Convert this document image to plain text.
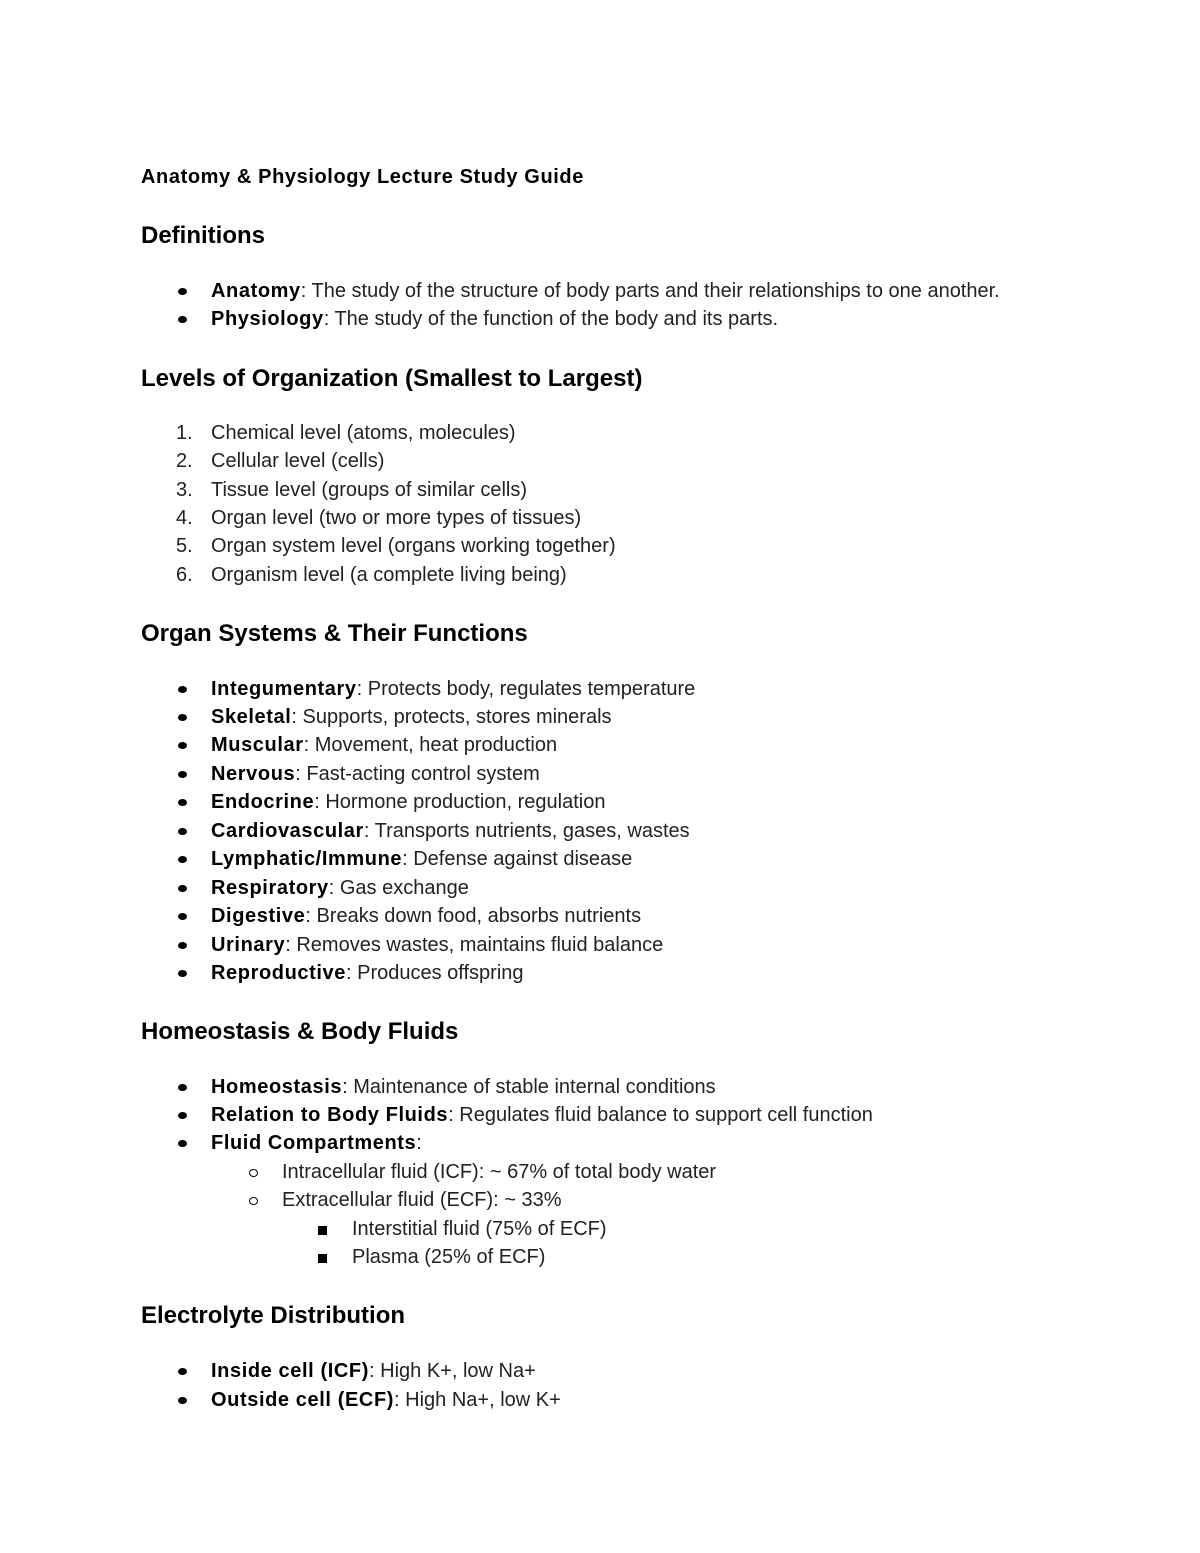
Anatomy & Physiology Lecture Study Guide
Definitions
Anatomy: The study of the structure of body parts and their relationships to one another.
Physiology: The study of the function of the body and its parts.
Levels of Organization (Smallest to Largest)
1. Chemical level (atoms, molecules)
2. Cellular level (cells)
3. Tissue level (groups of similar cells)
4. Organ level (two or more types of tissues)
5. Organ system level (organs working together)
6. Organism level (a complete living being)
Organ Systems & Their Functions
Integumentary: Protects body, regulates temperature
Skeletal: Supports, protects, stores minerals
Muscular: Movement, heat production
Nervous: Fast-acting control system
Endocrine: Hormone production, regulation
Cardiovascular: Transports nutrients, gases, wastes
Lymphatic/Immune: Defense against disease
Respiratory: Gas exchange
Digestive: Breaks down food, absorbs nutrients
Urinary: Removes wastes, maintains fluid balance
Reproductive: Produces offspring
Homeostasis & Body Fluids
Homeostasis: Maintenance of stable internal conditions
Relation to Body Fluids: Regulates fluid balance to support cell function
Fluid Compartments:
Intracellular fluid (ICF): ~ 67% of total body water
Extracellular fluid (ECF): ~ 33%
Interstitial fluid (75% of ECF)
Plasma (25% of ECF)
Electrolyte Distribution
Inside cell (ICF): High K+, low Na+
Outside cell (ECF): High Na+, low K+
